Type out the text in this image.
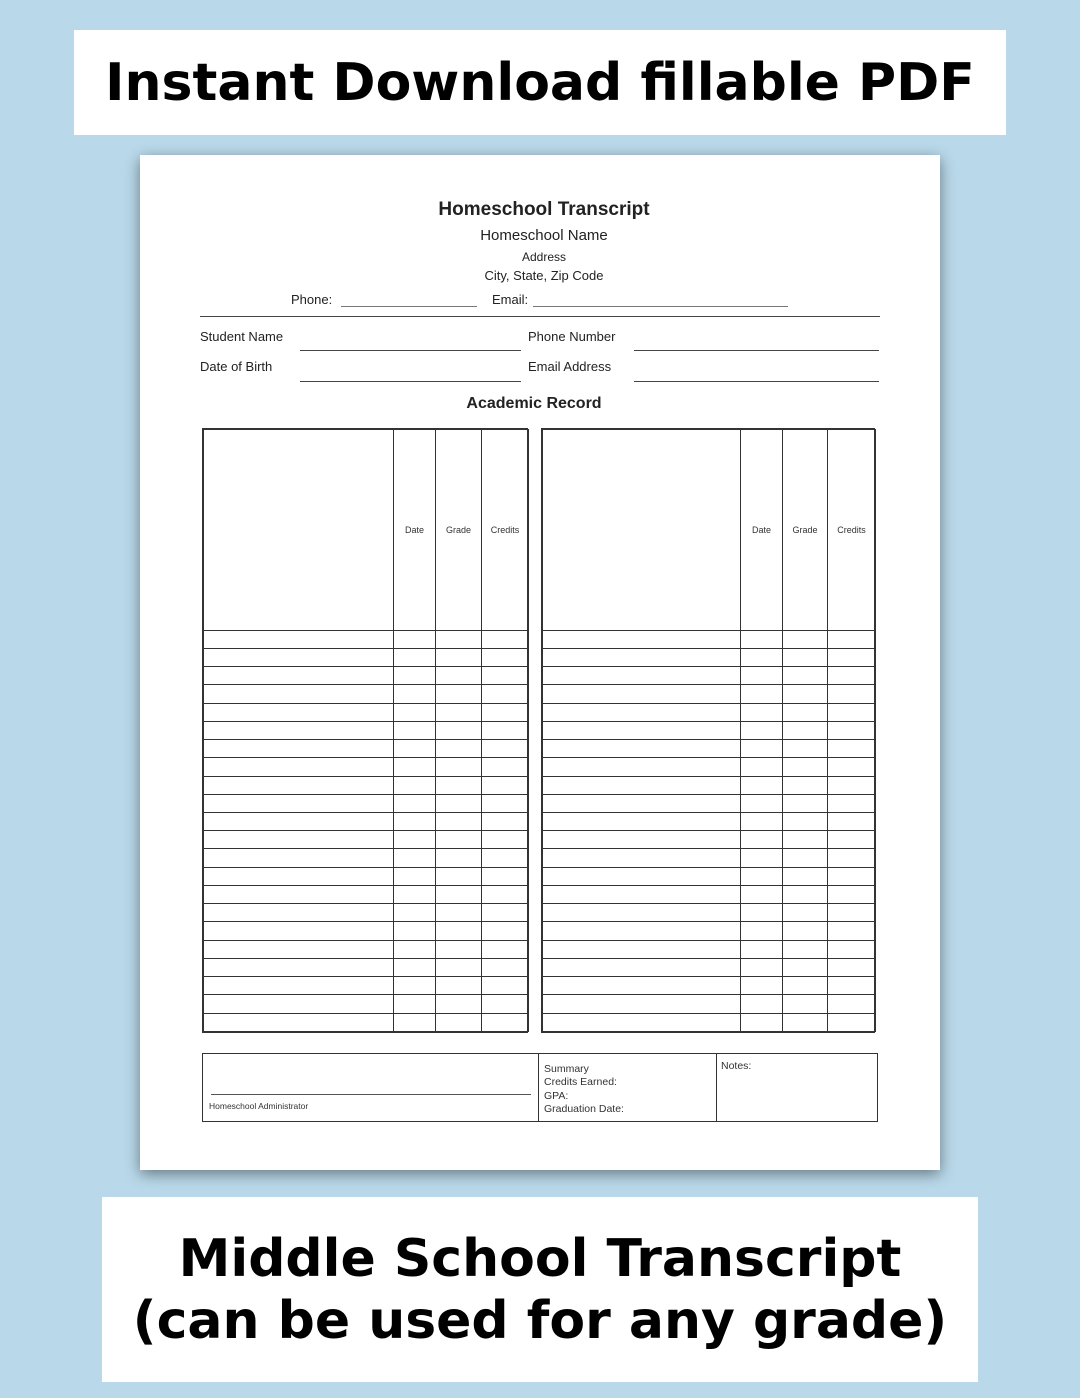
Instant Download fillable PDF
Homeschool Transcript
Homeschool Name
Address
City, State, Zip Code
Phone:	Email:
Student Name	Phone Number
Date of Birth	Email Address
Academic Record
	Date	Grade	Credits

		Date	Grade	Credits

Homeschool Administrator
Summary
Credits Earned:
GPA:
Graduation Date:
Notes:
Middle School Transcript
(can be used for any grade)
